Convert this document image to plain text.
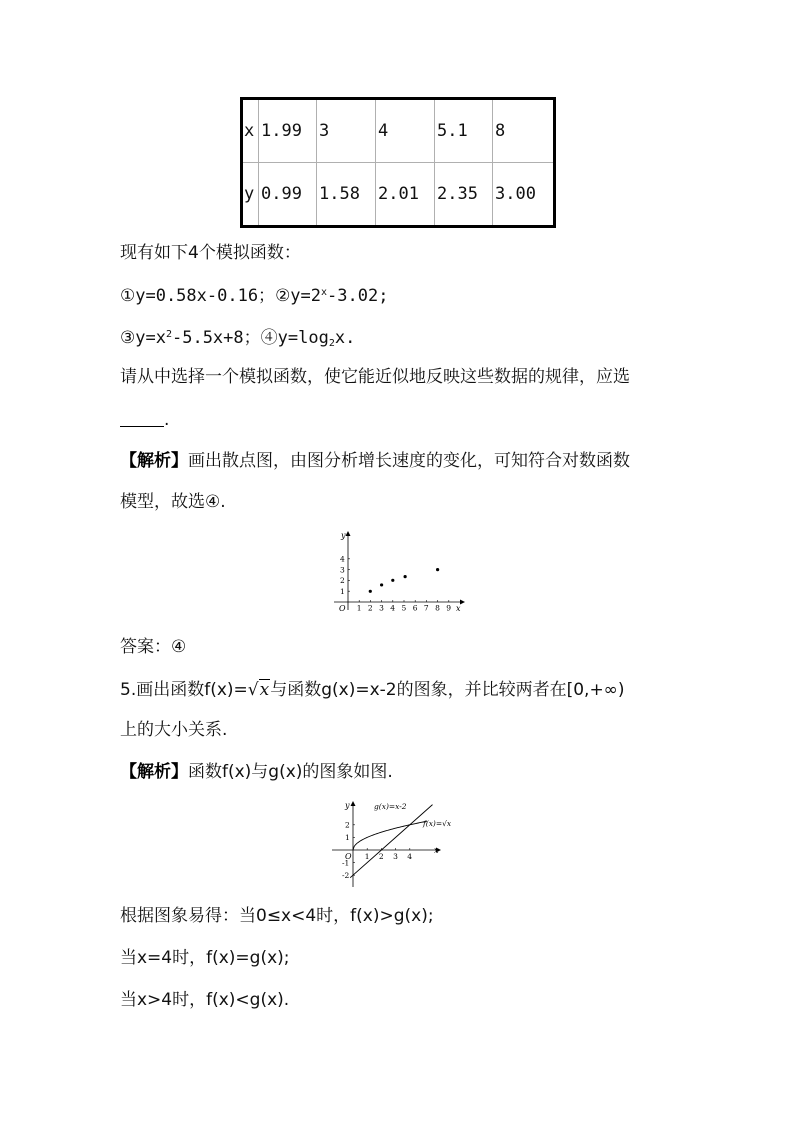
x	1.99	3	4	5.1	8
y	0.99	1.58	2.01	2.35	3.00
现有如下4个模拟函数：
①y=0.58x-0.16；$②y=2^x-3.02$;
$③y=x^2-5.5x+8$；$④y=\log_2x$.
请从中选择一个模拟函数，使它能近似地反映这些数据的规律，应选
.
【解析】画出散点图，由图分析增长速度的变化，可知符合对数函数
模型，故选④.
O	x
y
1 2 3 4 5 6 7 8 9
1
2
3
4
答案：④
5.画出函数f(x)=√x与函数g(x)=x-2的图象，并比较两者在[0,+∞)
上的大小关系.
【解析】函数f(x)与g(x)的图象如图.
O
x
y
1 2 3 4
-2
-1
1
2
g(x)=x-2
f(x)=√x
根据图象易得：当0≤x<4时，f(x)>g(x);
当x=4时，f(x)=g(x);
当x>4时，f(x)<g(x).
